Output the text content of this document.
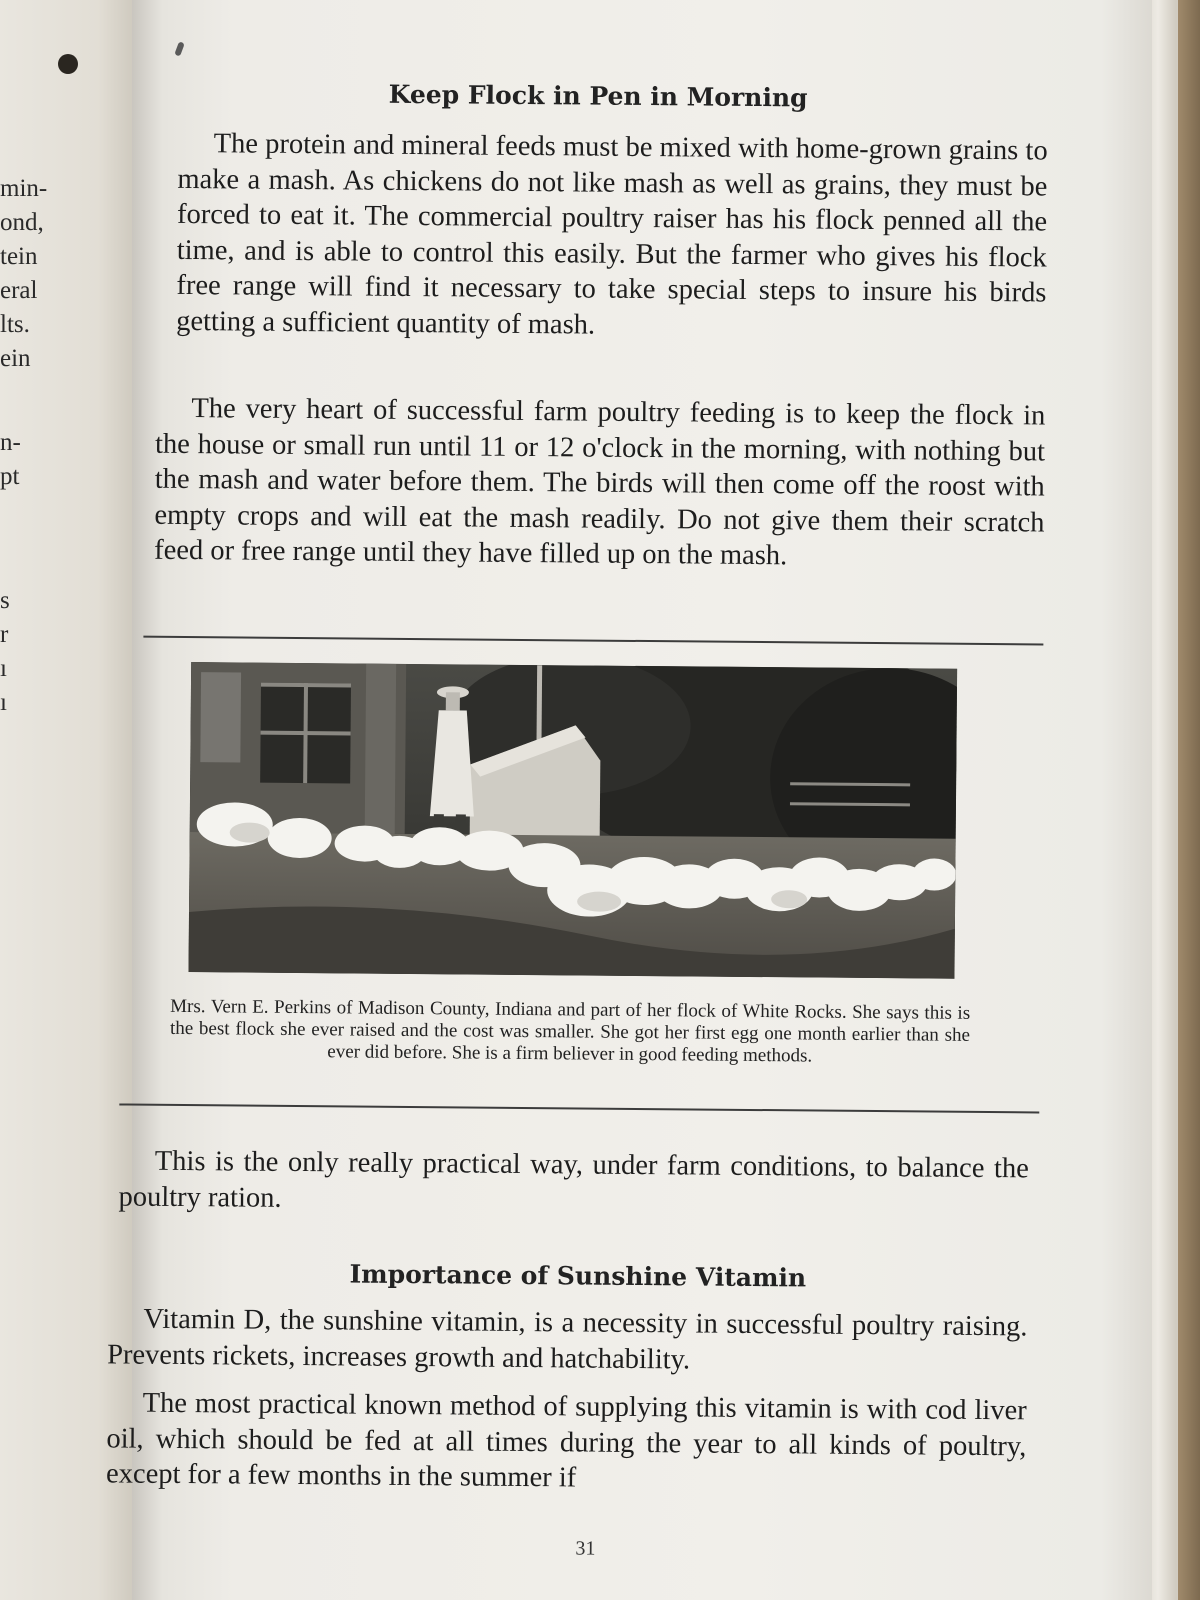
min-
ond,
tein
eral
lts.
ein
n-
pt
s
r
ı
ı
Keep Flock in Pen in Morning

The protein and mineral feeds must be mixed with home-grown grains to make a mash. As chickens do not like mash as well as grains, they must be forced to eat it. The commercial poultry raiser has his flock penned all the time, and is able to control this easily. But the farmer who gives his flock free range will find it necessary to take special steps to insure his birds getting a sufficient quantity of mash.

The very heart of successful farm poultry feeding is to keep the flock in the house or small run until 11 or 12 o'clock in the morning, with nothing but the mash and water before them. The birds will then come off the roost with empty crops and will eat the mash readily. Do not give them their scratch feed or free range until they have filled up on the mash.

Mrs. Vern E. Perkins of Madison County, Indiana and part of her flock of White Rocks. She says this is the best flock she ever raised and the cost was smaller. She got her first egg one month earlier than she ever did before. She is a firm believer in good feeding methods.

This is the only really practical way, under farm conditions, to balance the poultry ration.

Importance of Sunshine Vitamin

Vitamin D, the sunshine vitamin, is a necessity in successful poultry raising. Prevents rickets, increases growth and hatchability.

The most practical known method of supplying this vitamin is with cod liver oil, which should be fed at all times during the year to all kinds of poultry, except for a few months in the summer if

31
